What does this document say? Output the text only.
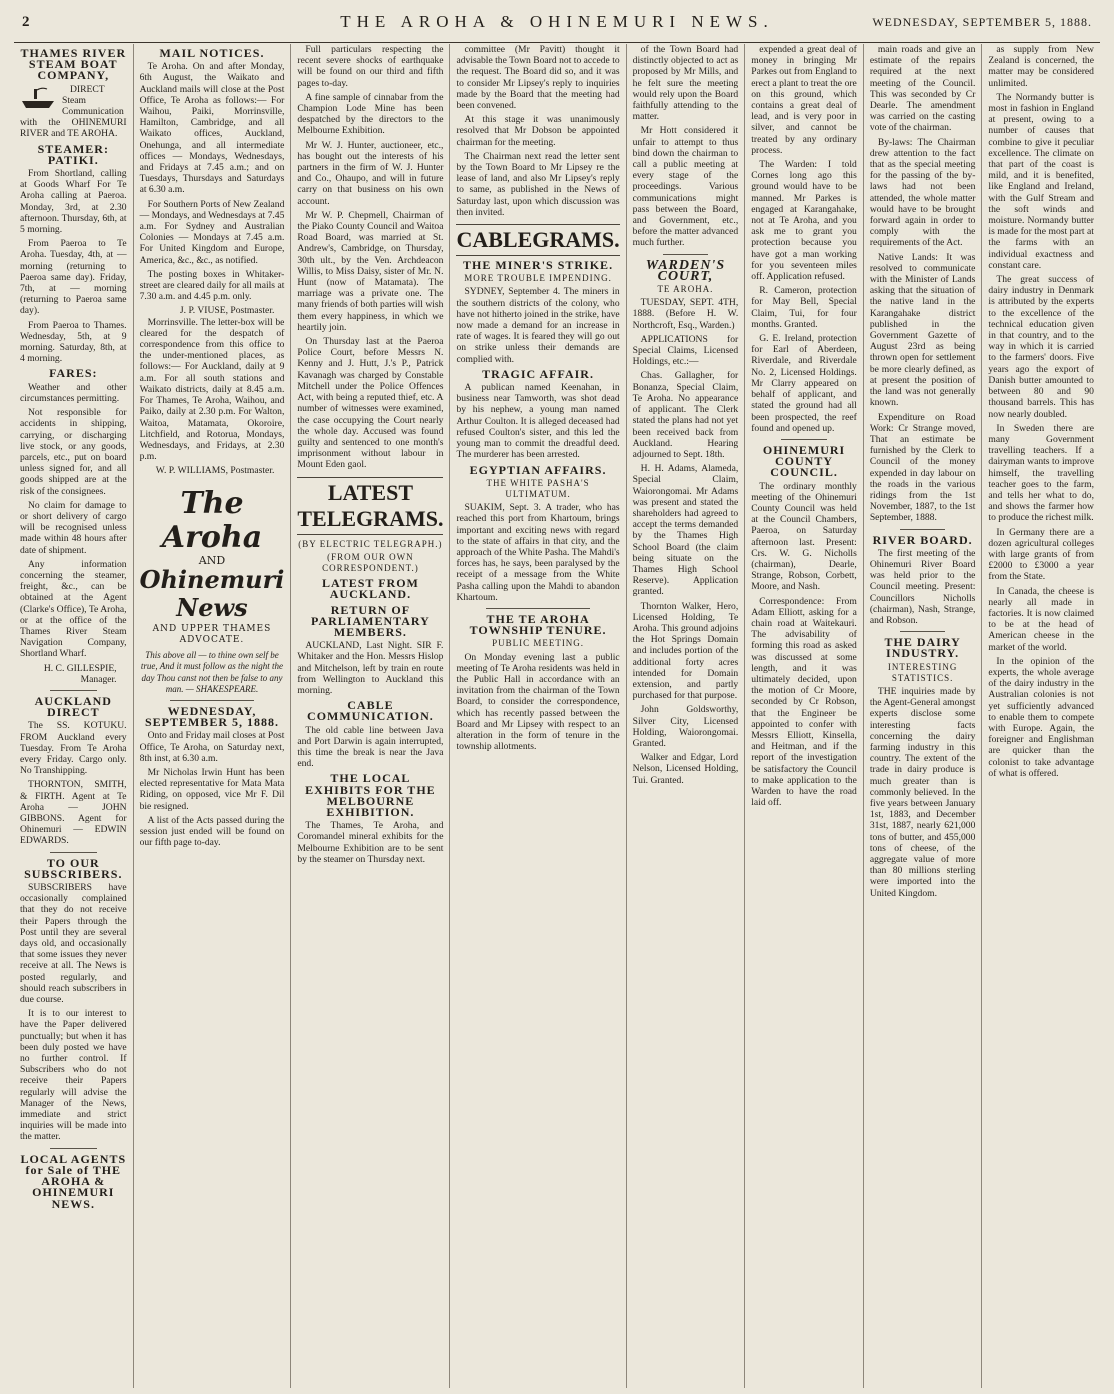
2	THE AROHA & OHINEMURI NEWS.	WEDNESDAY, SEPTEMBER 5, 1888.
THAMES RIVER STEAM BOAT COMPANY,

DIRECT Steam Communication with the OHINEMURI RIVER and TE AROHA.

STEAMER: PATIKI.

From Shortland, calling at Goods Wharf For Te Aroha calling at Paeroa. Monday, 3rd, at 2.30 afternoon. Thursday, 6th, at 5 morning.

From Paeroa to Te Aroha. Tuesday, 4th, at — morning (returning to Paeroa same day). Friday, 7th, at — morning (returning to Paeroa same day).

From Paeroa to Thames. Wednesday, 5th, at 9 morning. Saturday, 8th, at 4 morning.

FARES:

Weather and other circumstances permitting.

Not responsible for accidents in shipping, carrying, or discharging live stock, or any goods, parcels, etc., put on board unless signed for, and all goods shipped are at the risk of the consignees.

No claim for damage to or short delivery of cargo will be recognised unless made within 48 hours after date of shipment.

Any information concerning the steamer, freight, &c., can be obtained at the Agent (Clarke's Office), Te Aroha, or at the office of the Thames River Steam Navigation Company, Shortland Wharf.

H. C. GILLESPIE, Manager.
AUCKLAND DIRECT

The SS. KOTUKU. FROM Auckland every Tuesday. From Te Aroha every Friday. Cargo only. No Transhipping.

THORNTON, SMITH, & FIRTH. Agent at Te Aroha — JOHN GIBBONS. Agent for Ohinemuri — EDWIN EDWARDS.

TO OUR SUBSCRIBERS.

SUBSCRIBERS have occasionally complained that they do not receive their Papers through the Post until they are several days old, and occasionally that some issues they never receive at all. The News is posted regularly, and should reach subscribers in due course.

It is to our interest to have the Paper delivered punctually; but when it has been duly posted we have no further control. If Subscribers who do not receive their Papers regularly will advise the Manager of the News, immediate and strict inquiries will be made into the matter.

LOCAL AGENTS for Sale of THE AROHA & OHINEMURI NEWS.
MAIL NOTICES.

Te Aroha. On and after Monday, 6th August, the Waikato and Auckland mails will close at the Post Office, Te Aroha as follows:— For Waihou, Paiki, Morrinsville, Hamilton, Cambridge, and all Waikato offices, Auckland, Onehunga, and all intermediate offices — Mondays, Wednesdays, and Fridays at 7.45 a.m.; and on Tuesdays, Thursdays and Saturdays at 6.30 a.m.

For Southern Ports of New Zealand — Mondays, and Wednesdays at 7.45 a.m. For Sydney and Australian Colonies — Mondays at 7.45 a.m. For United Kingdom and Europe, America, &c., &c., as notified.

The posting boxes in Whitaker-street are cleared daily for all mails at 7.30 a.m. and 4.45 p.m. only.

J. P. VIUSE, Postmaster.

Morrinsville. The letter-box will be cleared for the despatch of correspondence from this office to the under-mentioned places, as follows:— For Auckland, daily at 9 a.m. For all south stations and Waikato districts, daily at 8.45 a.m. For Thames, Te Aroha, Waihou, and Paiko, daily at 2.30 p.m. For Walton, Waitoa, Matamata, Okoroire, Litchfield, and Rotorua, Mondays, Wednesdays, and Fridays, at 2.30 p.m.

W. P. WILLIAMS, Postmaster.
The Aroha
AND
Ohinemuri News
AND UPPER THAMES ADVOCATE.
This above all — to thine own self be true, And it must follow as the night the day Thou canst not then be false to any man. — SHAKESPEARE.
WEDNESDAY, SEPTEMBER 5, 1888.

Onto and Friday mail closes at Post Office, Te Aroha, on Saturday next, 8th inst, at 6.30 a.m.

Mr Nicholas Irwin Hunt has been elected representative for Mata Mata Riding, on opposed, vice Mr F. Dil bie resigned.

A list of the Acts passed during the session just ended will be found on our fifth page to-day.

Full particulars respecting the recent severe shocks of earthquake will be found on our third and fifth pages to-day.

A fine sample of cinnabar from the Champion Lode Mine has been despatched by the directors to the Melbourne Exhibition.

Mr W. J. Hunter, auctioneer, etc., has bought out the interests of his partners in the firm of W. J. Hunter and Co., Ohaupo, and will in future carry on that business on his own account.

Mr W. P. Chepmell, Chairman of the Piako County Council and Waitoa Road Board, was married at St. Andrew's, Cambridge, on Thursday, 30th ult., by the Ven. Archdeacon Willis, to Miss Daisy, sister of Mr. N. Hunt (now of Matamata). The marriage was a private one. The many friends of both parties will wish them every happiness, in which we heartily join.

On Thursday last at the Paeroa Police Court, before Messrs N. Kenny and J. Hutt, J.'s P., Patrick Kavanagh was charged by Constable Mitchell under the Police Offences Act, with being a reputed thief, etc. A number of witnesses were examined, the case occupying the Court nearly the whole day. Accused was found guilty and sentenced to one month's imprisonment without labour in Mount Eden gaol.

LATEST TELEGRAMS.
(BY ELECTRIC TELEGRAPH.)
(FROM OUR OWN CORRESPONDENT.)
LATEST FROM AUCKLAND.
RETURN OF PARLIAMENTARY MEMBERS.

AUCKLAND, Last Night. SIR F. Whitaker and the Hon. Messrs Hislop and Mitchelson, left by train en route from Wellington to Auckland this morning.

CABLE COMMUNICATION.

The old cable line between Java and Port Darwin is again interrupted, this time the break is near the Java end.

THE LOCAL EXHIBITS FOR THE MELBOURNE EXHIBITION.

The Thames, Te Aroha, and Coromandel mineral exhibits for the Melbourne Exhibition are to be sent by the steamer on Thursday next.

committee (Mr Pavitt) thought it advisable the Town Board not to accede to the request. The Board did so, and it was to consider Mr Lipsey's reply to inquiries made by the Board that the meeting had been convened.

At this stage it was unanimously resolved that Mr Dobson be appointed chairman for the meeting.

The Chairman next read the letter sent by the Town Board to Mr Lipsey re the lease of land, and also Mr Lipsey's reply to same, as published in the News of Saturday last, upon which discussion was then invited.

CABLEGRAMS.
THE MINER'S STRIKE.
MORE TROUBLE IMPENDING.

SYDNEY, September 4. The miners in the southern districts of the colony, who have not hitherto joined in the strike, have now made a demand for an increase in rate of wages. It is feared they will go out on strike unless their demands are complied with.

TRAGIC AFFAIR.

A publican named Keenahan, in business near Tamworth, was shot dead by his nephew, a young man named Arthur Coulton. It is alleged deceased had refused Coulton's sister, and this led the young man to commit the dreadful deed. The murderer has been arrested.

EGYPTIAN AFFAIRS.
THE WHITE PASHA'S ULTIMATUM.

SUAKIM, Sept. 3. A trader, who has reached this port from Khartoum, brings important and exciting news with regard to the state of affairs in that city, and the approach of the White Pasha. The Mahdi's forces has, he says, been paralysed by the receipt of a message from the White Pasha calling upon the Mahdi to abandon Khartoum.

THE TE AROHA TOWNSHIP TENURE.
PUBLIC MEETING.

On Monday evening last a public meeting of Te Aroha residents was held in the Public Hall in accordance with an invitation from the chairman of the Town Board, to consider the correspondence, which has recently passed between the Board and Mr Lipsey with respect to an alteration in the form of tenure in the township allotments.

of the Town Board had distinctly objected to act as proposed by Mr Mills, and he felt sure the meeting would rely upon the Board faithfully attending to the matter.

Mr Hott considered it unfair to attempt to thus bind down the chairman to call a public meeting at every stage of the proceedings. Various communications might pass between the Board, and Government, etc., before the matter advanced much further.

WARDEN'S COURT,
TE AROHA.

TUESDAY, SEPT. 4TH, 1888. (Before H. W. Northcroft, Esq., Warden.)

APPLICATIONS for Special Claims, Licensed Holdings, etc.:—

Chas. Gallagher, for Bonanza, Special Claim, Te Aroha. No appearance of applicant. The Clerk stated the plans had not yet been received back from Auckland. Hearing adjourned to Sept. 18th.

H. H. Adams, Alameda, Special Claim, Waiorongomai. Mr Adams was present and stated the shareholders had agreed to accept the terms demanded by the Thames High School Board (the claim being situate on the Thames High School Reserve). Application granted.

Thornton Walker, Hero, Licensed Holding, Te Aroha. This ground adjoins the Hot Springs Domain and includes portion of the additional forty acres intended for Domain extension, and partly purchased for that purpose.

John Goldsworthy, Silver City, Licensed Holding, Waiorongomai. Granted.

Walker and Edgar, Lord Nelson, Licensed Holding, Tui. Granted.

expended a great deal of money in bringing Mr Parkes out from England to erect a plant to treat the ore on this ground, which contains a great deal of lead, and is very poor in silver, and cannot be treated by any ordinary process.

The Warden: I told Cornes long ago this ground would have to be manned. Mr Parkes is engaged at Karangahake, not at Te Aroha, and you ask me to grant you protection because you have got a man working for you seventeen miles off. Application refused.

R. Cameron, protection for May Bell, Special Claim, Tui, for four months. Granted.

G. E. Ireland, protection for Earl of Aberdeen, Riverdale, and Riverdale No. 2, Licensed Holdings. Mr Clarry appeared on behalf of applicant, and stated the ground had all been prospected, the reef found and opened up.

OHINEMURI COUNTY COUNCIL.

The ordinary monthly meeting of the Ohinemuri County Council was held at the Council Chambers, Paeroa, on Saturday afternoon last. Present: Crs. W. G. Nicholls (chairman), Dearle, Strange, Robson, Corbett, Moore, and Nash.

Correspondence: From Adam Elliott, asking for a chain road at Waitekauri. The advisability of forming this road as asked was discussed at some length, and it was ultimately decided, upon the motion of Cr Moore, seconded by Cr Robson, that the Engineer be appointed to confer with Messrs Elliott, Kinsella, and Heitman, and if the report of the investigation be satisfactory the Council to make application to the Warden to have the road laid off.

main roads and give an estimate of the repairs required at the next meeting of the Council. This was seconded by Cr Dearle. The amendment was carried on the casting vote of the chairman.

By-laws: The Chairman drew attention to the fact that as the special meeting for the passing of the by-laws had not been attended, the whole matter would have to be brought forward again in order to comply with the requirements of the Act.

Native Lands: It was resolved to communicate with the Minister of Lands asking that the situation of the native land in the Karangahake district published in the Government Gazette of August 23rd as being thrown open for settlement be more clearly defined, as at present the position of the land was not generally known.

Expenditure on Road Work: Cr Strange moved, That an estimate be furnished by the Clerk to Council of the money expended in day labour on the roads in the various ridings from the 1st November, 1887, to the 1st September, 1888.

RIVER BOARD.

The first meeting of the Ohinemuri River Board was held prior to the Council meeting. Present: Councillors Nicholls (chairman), Nash, Strange, and Robson.

THE DAIRY INDUSTRY.
INTERESTING STATISTICS.

THE inquiries made by the Agent-General amongst experts disclose some interesting facts concerning the dairy farming industry in this country. The extent of the trade in dairy produce is much greater than is commonly believed. In the five years between January 1st, 1883, and December 31st, 1887, nearly 621,000 tons of butter, and 455,000 tons of cheese, of the aggregate value of more than 80 millions sterling were imported into the United Kingdom.

as supply from New Zealand is concerned, the matter may be considered unlimited.

The Normandy butter is most in fashion in England at present, owing to a number of causes that combine to give it peculiar excellence. The climate on that part of the coast is mild, and it is benefited, like England and Ireland, with the Gulf Stream and the soft winds and moisture. Normandy butter is made for the most part at the farms with an individual exactness and constant care.

The great success of dairy industry in Denmark is attributed by the experts to the excellence of the technical education given in that country, and to the way in which it is carried to the farmers' doors. Five years ago the export of Danish butter amounted to between 80 and 90 thousand barrels. This has now nearly doubled.

In Sweden there are many Government travelling teachers. If a dairyman wants to improve himself, the travelling teacher goes to the farm, and tells her what to do, and shows the farmer how to produce the richest milk.

In Germany there are a dozen agricultural colleges with large grants of from £2000 to £3000 a year from the State.

In Canada, the cheese is nearly all made in factories. It is now claimed to be at the head of American cheese in the market of the world.

In the opinion of the experts, the whole average of the dairy industry in the Australian colonies is not yet sufficiently advanced to enable them to compete with Europe. Again, the foreigner and Englishman are quicker than the colonist to take advantage of what is offered.
